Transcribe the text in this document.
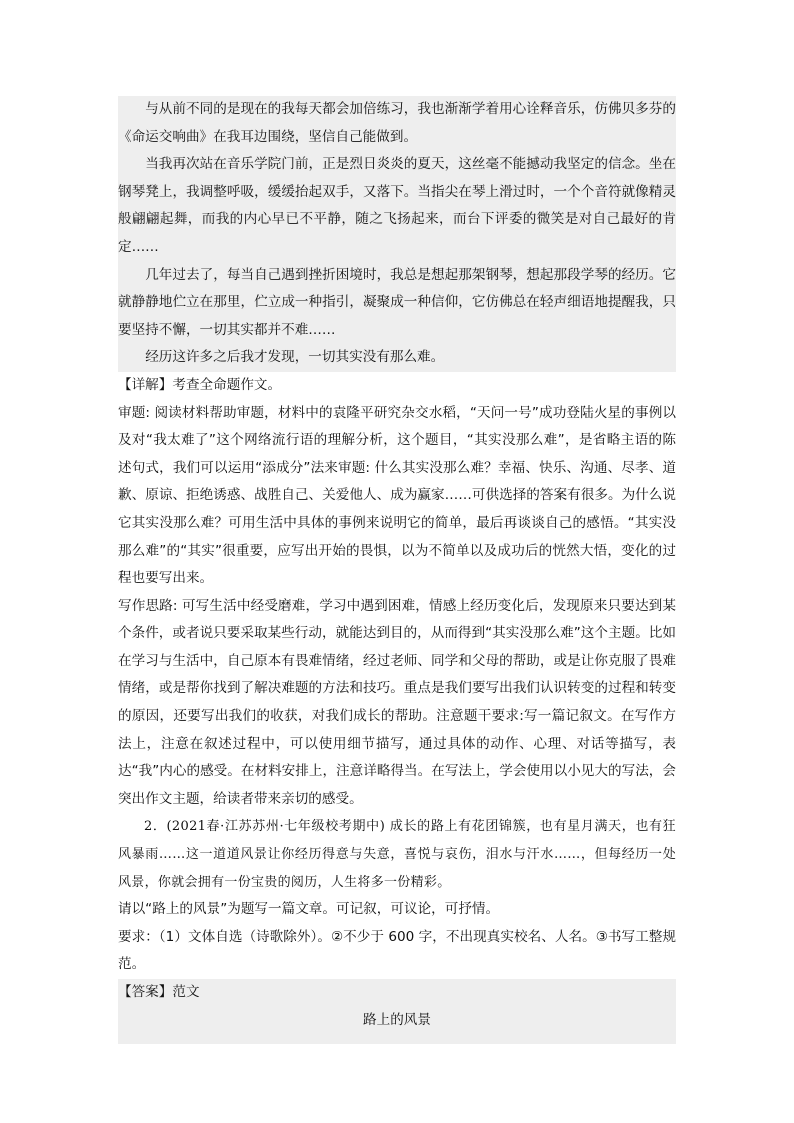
与从前不同的是现在的我每天都会加倍练习，我也渐渐学着用心诠释音乐，仿佛贝多芬的《命运交响曲》在我耳边围绕，坚信自己能做到。

当我再次站在音乐学院门前，正是烈日炎炎的夏天，这丝毫不能撼动我坚定的信念。坐在钢琴凳上，我调整呼吸，缓缓抬起双手，又落下。当指尖在琴上滑过时，一个个音符就像精灵般翩翩起舞，而我的内心早已不平静，随之飞扬起来，而台下评委的微笑是对自己最好的肯定……

几年过去了，每当自己遇到挫折困境时，我总是想起那架钢琴，想起那段学琴的经历。它就静静地伫立在那里，伫立成一种指引，凝聚成一种信仰，它仿佛总在轻声细语地提醒我，只要坚持不懈，一切其实都并不难……

经历这许多之后我才发现，一切其实没有那么难。

【详解】考查全命题作文。

审题: 阅读材料帮助审题，材料中的袁隆平研究杂交水稻，“天问一号”成功登陆火星的事例以及对“我太难了”这个网络流行语的理解分析，这个题目，“其实没那么难”，是省略主语的陈述句式，我们可以运用“添成分”法来审题: 什么其实没那么难？幸福、快乐、沟通、尽孝、道歉、原谅、拒绝诱惑、战胜自己、关爱他人、成为赢家……可供选择的答案有很多。为什么说它其实没那么难？可用生活中具体的事例来说明它的简单，最后再谈谈自己的感悟。“其实没那么难”的“其实”很重要，应写出开始的畏惧，以为不简单以及成功后的恍然大悟，变化的过程也要写出来。

写作思路: 可写生活中经受磨难，学习中遇到困难，情感上经历变化后，发现原来只要达到某个条件，或者说只要采取某些行动，就能达到目的，从而得到“其实没那么难”这个主题。比如在学习与生活中，自己原本有畏难情绪，经过老师、同学和父母的帮助，或是让你克服了畏难情绪，或是帮你找到了解决难题的方法和技巧。重点是我们要写出我们认识转变的过程和转变的原因，还要写出我们的收获，对我们成长的帮助。注意题干要求:写一篇记叙文。在写作方法上，注意在叙述过程中，可以使用细节描写，通过具体的动作、心理、对话等描写，表达“我”内心的感受。在材料安排上，注意详略得当。在写法上，学会使用以小见大的写法，会突出作文主题，给读者带来亲切的感受。

2．(2021春·江苏苏州·七年级校考期中) 成长的路上有花团锦簇，也有星月满天，也有狂风暴雨……这一道道风景让你经历得意与失意，喜悦与哀伤，泪水与汗水……，但每经历一处风景，你就会拥有一份宝贵的阅历，人生将多一份精彩。

请以“路上的风景”为题写一篇文章。可记叙，可议论，可抒情。

要求：（1）文体自选（诗歌除外）。②不少于 600 字，不出现真实校名、人名。③书写工整规范。

【答案】范文

路上的风景
